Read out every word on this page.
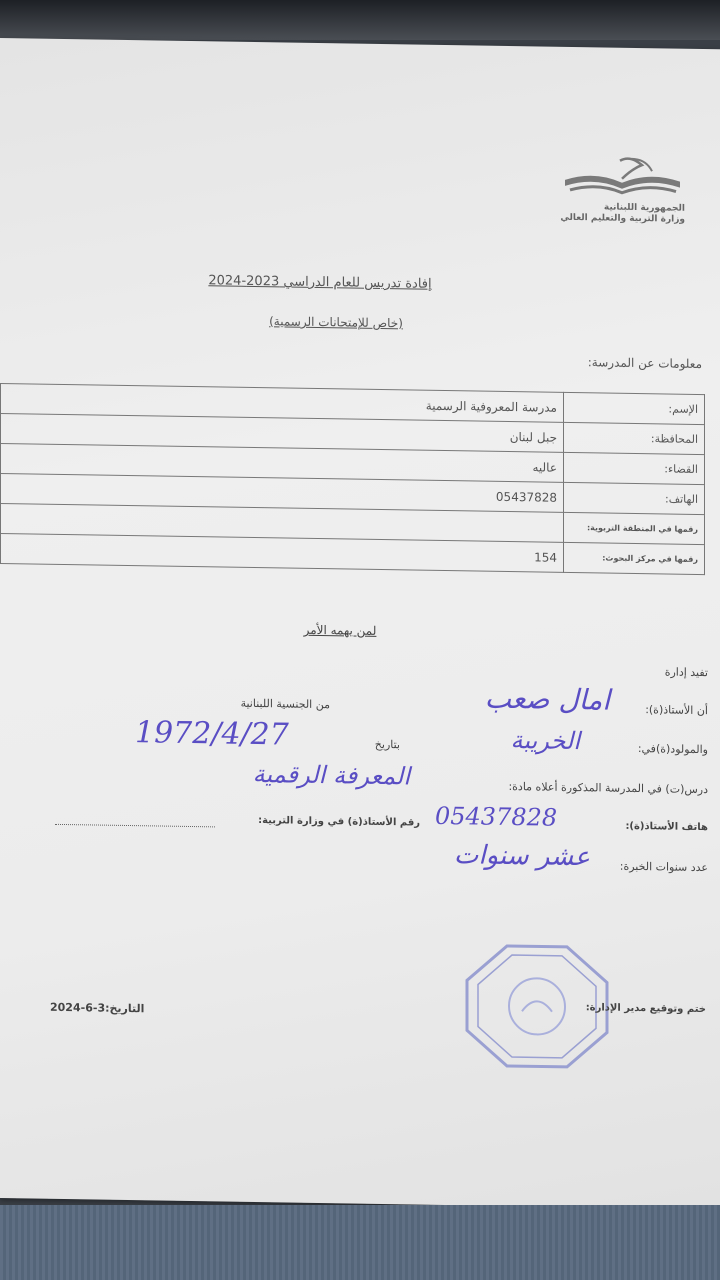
الجمهورية اللبنانية
وزارة التربية والتعليم العالي
إفادة تدريس للعام الدراسي 2023-2024
(خاص للإمتحانات الرسمية)
معلومات عن المدرسة:
الإسم:	مدرسة المعروفية الرسمية
المحافظة:	جبل لبنان
القضاء:	عاليه
الهاتف:	05437828
رقمها في المنطقة التربوية:	
رقمها في مركز البحوث:	154
لمن يهمه الأمر
تفيد إدارة
أن الأستاذ(ة):
امال صعب
من الجنسية اللبنانية
والمولود(ة)في:
الخريبة
بتاريخ
1972/4/27
درس(ت) في المدرسة المذكورة أعلاه مادة:
المعرفة الرقمية
هاتف الأستاذ(ة):
05437828
رقم الأستاذ(ة) في وزارة التربية:
عدد سنوات الخبرة:
عشر سنوات
ختم وتوقيع مدير الإدارة:
التاريخ:3-6-2024
